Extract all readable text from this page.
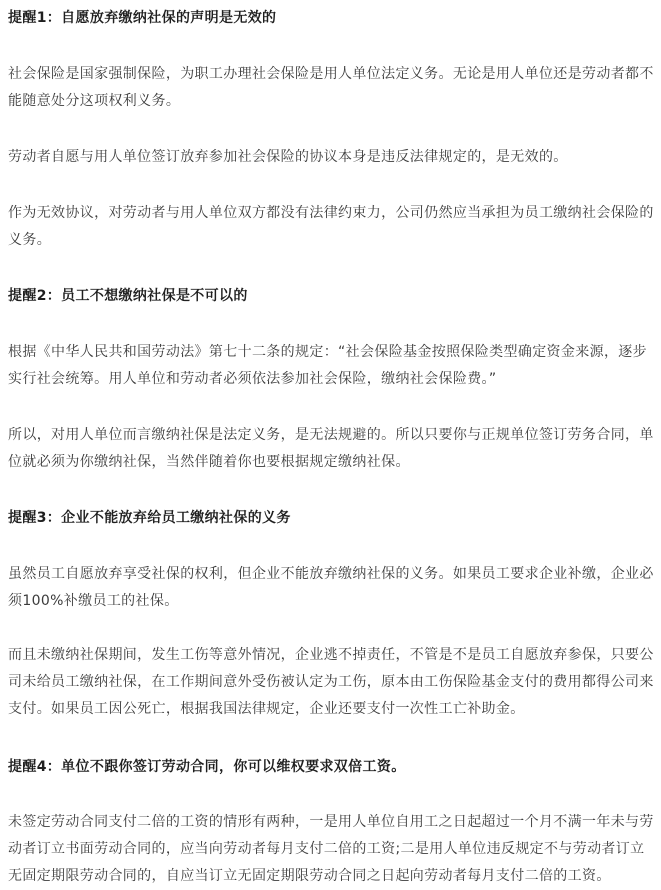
提醒1：自愿放弃缴纳社保的声明是无效的

社会保险是国家强制保险，为职工办理社会保险是用人单位法定义务。无论是用人单位还是劳动者都不能随意处分这项权利义务。

劳动者自愿与用人单位签订放弃参加社会保险的协议本身是违反法律规定的，是无效的。

作为无效协议，对劳动者与用人单位双方都没有法律约束力，公司仍然应当承担为员工缴纳社会保险的义务。

提醒2：员工不想缴纳社保是不可以的

根据《中华人民共和国劳动法》第七十二条的规定：“社会保险基金按照保险类型确定资金来源，逐步实行社会统筹。用人单位和劳动者必须依法参加社会保险，缴纳社会保险费。”

所以，对用人单位而言缴纳社保是法定义务，是无法规避的。所以只要你与正规单位签订劳务合同，单位就必须为你缴纳社保，当然伴随着你也要根据规定缴纳社保。

提醒3：企业不能放弃给员工缴纳社保的义务

虽然员工自愿放弃享受社保的权利，但企业不能放弃缴纳社保的义务。如果员工要求企业补缴，企业必须100%补缴员工的社保。

而且未缴纳社保期间，发生工伤等意外情况，企业逃不掉责任，不管是不是员工自愿放弃参保，只要公司未给员工缴纳社保，在工作期间意外受伤被认定为工伤，原本由工伤保险基金支付的费用都得公司来支付。如果员工因公死亡，根据我国法律规定，企业还要支付一次性工亡补助金。

提醒4：单位不跟你签订劳动合同，你可以维权要求双倍工资。

未签定劳动合同支付二倍的工资的情形有两种，一是用人单位自用工之日起超过一个月不满一年未与劳动者订立书面劳动合同的，应当向劳动者每月支付二倍的工资;二是用人单位违反规定不与劳动者订立无固定期限劳动合同的，自应当订立无固定期限劳动合同之日起向劳动者每月支付二倍的工资。
